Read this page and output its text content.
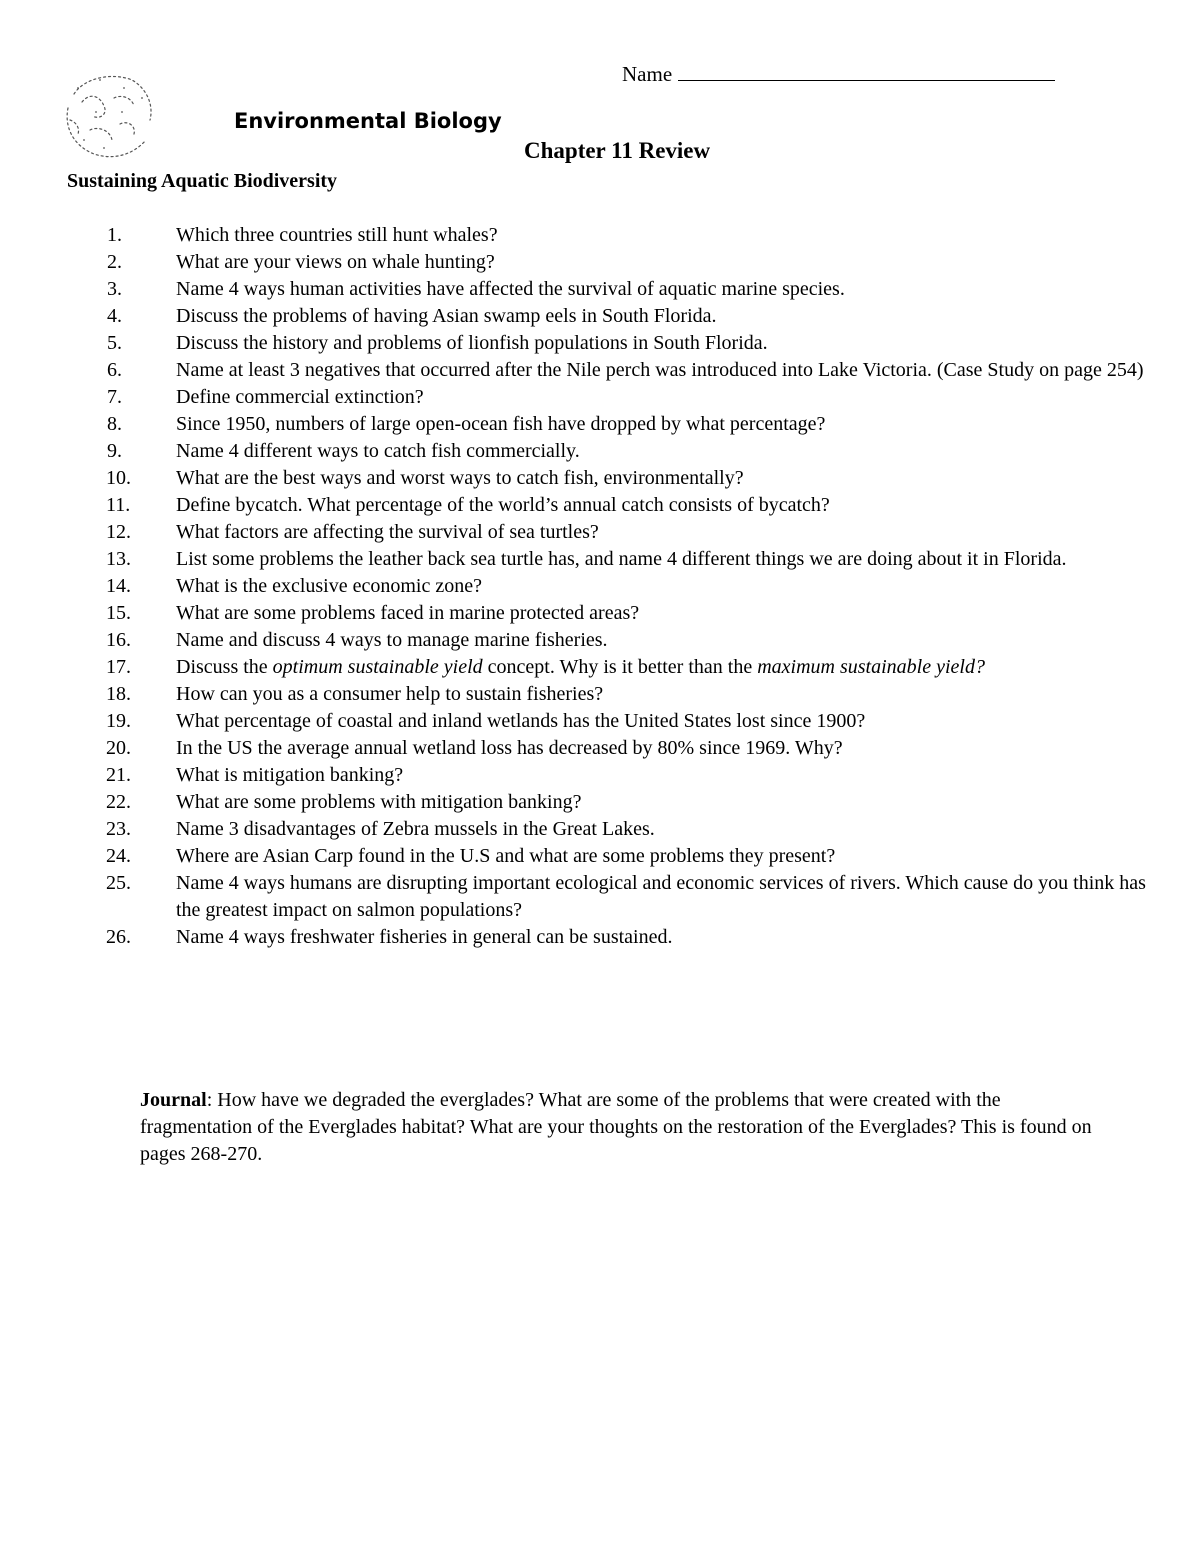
Name
Environmental Biology
Chapter 11 Review
Sustaining Aquatic Biodiversity
1.	Which three countries still hunt whales?
2.	What are your views on whale hunting?
3.	Name 4 ways human activities have affected the survival of aquatic marine species.
4.	Discuss the problems of having Asian swamp eels in South Florida.
5.	Discuss the history and problems of lionfish populations in South Florida.
6.	Name at least 3 negatives that occurred after the Nile perch was introduced into Lake Victoria. (Case Study on page 254)
7.	Define commercial extinction?
8.	Since 1950, numbers of large open-ocean fish have dropped by what percentage?
9.	Name 4 different ways to catch fish commercially.
10.	What are the best ways and worst ways to catch fish, environmentally?
11.	Define bycatch. What percentage of the world’s annual catch consists of bycatch?
12.	What factors are affecting the survival of sea turtles?
13.	List some problems the leather back sea turtle has, and name 4 different things we are doing about it in Florida.
14.	What is the exclusive economic zone?
15.	What are some problems faced in marine protected areas?
16.	Name and discuss 4 ways to manage marine fisheries.
17.	Discuss the optimum sustainable yield concept. Why is it better than the maximum sustainable yield?
18.	How can you as a consumer help to sustain fisheries?
19.	What percentage of coastal and inland wetlands has the United States lost since 1900?
20.	In the US the average annual wetland loss has decreased by 80% since 1969. Why?
21.	What is mitigation banking?
22.	What are some problems with mitigation banking?
23.	Name 3 disadvantages of Zebra mussels in the Great Lakes.
24.	Where are Asian Carp found in the U.S and what are some problems they present?
25.	Name 4 ways humans are disrupting important ecological and economic services of rivers. Which cause do you think has the greatest impact on salmon populations?
26.	Name 4 ways freshwater fisheries in general can be sustained.

Journal: How have we degraded the everglades? What are some of the problems that were created with the fragmentation of the Everglades habitat? What are your thoughts on the restoration of the Everglades? This is found on pages 268-270.
